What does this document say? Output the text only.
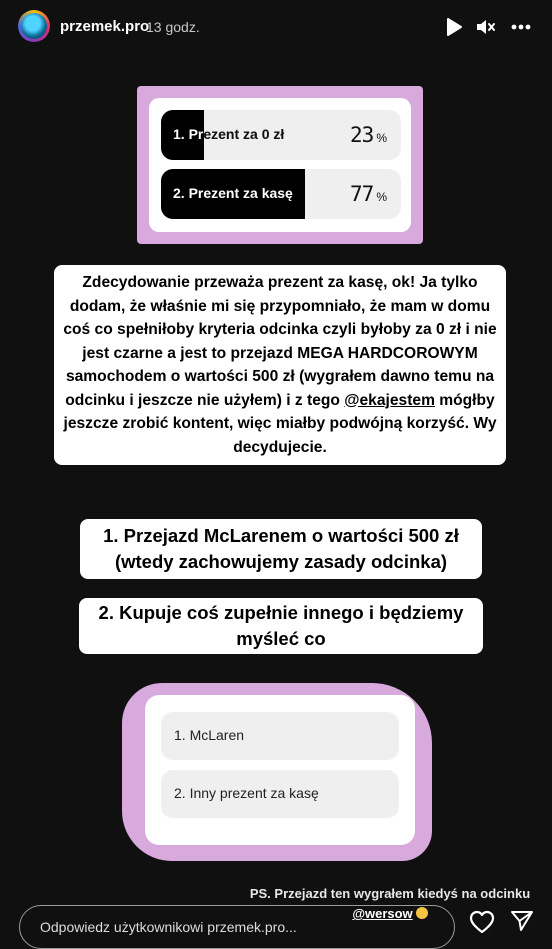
przemek.pro
13 godz.
1. Prezent za 0 zł	23 %
2. Prezent za kasę	77 %
Zdecydowanie przeważa prezent za kasę, ok! Ja tylko dodam, że właśnie mi się przypomniało, że mam w domu coś co spełniłoby kryteria odcinka czyli byłoby za 0 zł i nie jest czarne a jest to przejazd MEGA HARDCOROWYM samochodem o wartości 500 zł (wygrałem dawno temu na odcinku i jeszcze nie użyłem) i z tego @ekajestem mógłby jeszcze zrobić kontent, więc miałby podwójną korzyść. Wy decydujecie.
1. Przejazd McLarenem o wartości 500 zł (wtedy zachowujemy zasady odcinka)
2. Kupuje coś zupełnie innego i będziemy myśleć co
1. McLaren
2. Inny prezent za kasę
PS. Przejazd ten wygrałem kiedyś na odcinku @wersow
Odpowiedz użytkownikowi przemek.pro...
